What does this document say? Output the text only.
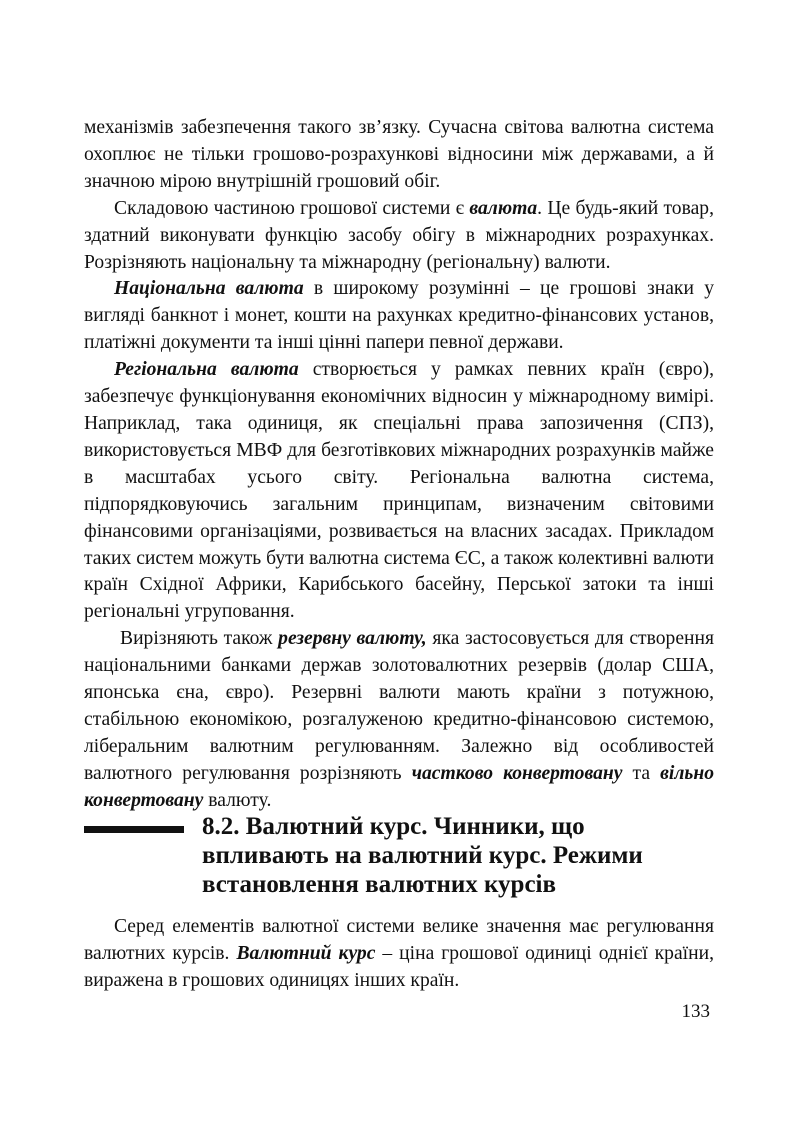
механізмів забезпечення такого зв’язку. Сучасна світова валютна система охоплює не тільки грошово-розрахункові відносини між державами, а й значною мірою внутрішній грошовий обіг.

Складовою частиною грошової системи є валюта. Це будь-який товар, здатний виконувати функцію засобу обігу в міжнародних розрахунках. Розрізняють національну та міжнародну (регіональну) валюти.

Національна валюта в широкому розумінні – це грошові знаки у вигляді банкнот і монет, кошти на рахунках кредитно-фінансових установ, платіжні документи та інші цінні папери певної держави.

Регіональна валюта створюється у рамках певних країн (євро), забезпечує функціонування економічних відносин у міжнародному вимірі. Наприклад, така одиниця, як спеціальні права запозичення (СПЗ), використовується МВФ для безготівкових міжнародних розрахунків майже в масштабах усього світу. Регіональна валютна система, підпорядковуючись загальним принципам, визначеним світовими фінансовими організаціями, розвивається на власних засадах. Прикладом таких систем можуть бути валютна система ЄС, а також колективні валюти країн Східної Африки, Карибського басейну, Перської затоки та інші регіональні угруповання.

Вирізняють також резервну валюту, яка застосовується для створення національними банками держав золотовалютних резервів (долар США, японська єна, євро). Резервні валюти мають країни з потужною, стабільною економікою, розгалуженою кредитно-фінансовою системою, ліберальним валютним регулюванням. Залежно від особливостей валютного регулювання розрізняють частково конвертовану та вільно конвертовану валюту.

8.2. Валютний курс. Чинники, що впливають на валютний курс. Режими встановлення валютних курсів

Серед елементів валютної системи велике значення має регулювання валютних курсів. Валютний курс – ціна грошової одиниці однієї країни, виражена в грошових одиницях інших країн.

133
